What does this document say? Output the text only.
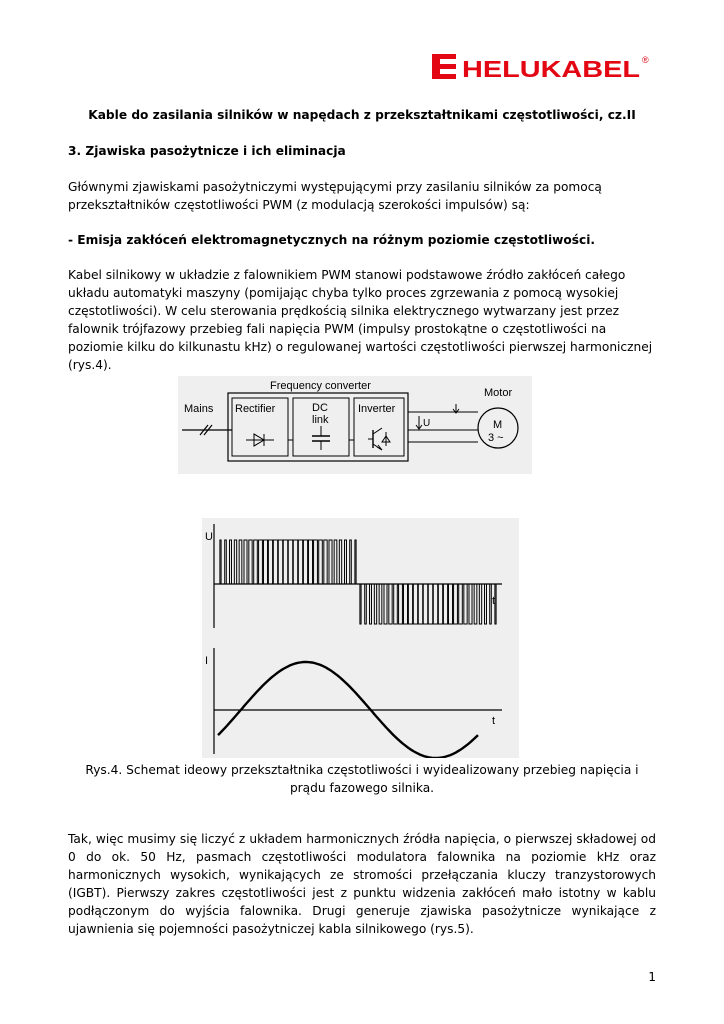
HELUKABEL ®
Kable do zasilania silników w napędach z przekształtnikami częstotliwości, cz.II
3. Zjawiska pasożytnicze i ich eliminacja
Głównymi zjawiskami pasożytniczymi występującymi przy zasilaniu silników za pomocą przekształtników częstotliwości PWM (z modulacją szerokości impulsów) są:
- Emisja zakłóceń elektromagnetycznych na różnym poziomie częstotliwości.
Kabel silnikowy w układzie z falownikiem PWM stanowi podstawowe źródło zakłóceń całego układu automatyki maszyny (pomijając chyba tylko proces zgrzewania z pomocą wysokiej częstotliwości). W celu sterowania prędkością silnika elektrycznego wytwarzany jest przez falownik trójfazowy przebieg fali napięcia PWM (impulsy prostokątne o częstotliwości na poziomie kilku do kilkunastu kHz) o regulowanej wartości częstotliwości pierwszej harmonicznej (rys.4).
Frequency converter
Mains Rectifier	DC
link
Inverter
U
Motor
M
3 ~
U
t
I
t
Rys.4. Schemat ideowy przekształtnika częstotliwości i wyidealizowany przebieg napięcia i prądu fazowego silnika.
Tak, więc musimy się liczyć z układem harmonicznych źródła napięcia, o pierwszej składowej od 0 do ok. 50 Hz, pasmach częstotliwości modulatora falownika na poziomie kHz oraz harmonicznych wysokich, wynikających ze stromości przełączania kluczy tranzystorowych (IGBT). Pierwszy zakres częstotliwości jest z punktu widzenia zakłóceń mało istotny w kablu podłączonym do wyjścia falownika. Drugi generuje zjawiska pasożytnicze wynikające z ujawnienia się pojemności pasożytniczej kabla silnikowego (rys.5).
1
